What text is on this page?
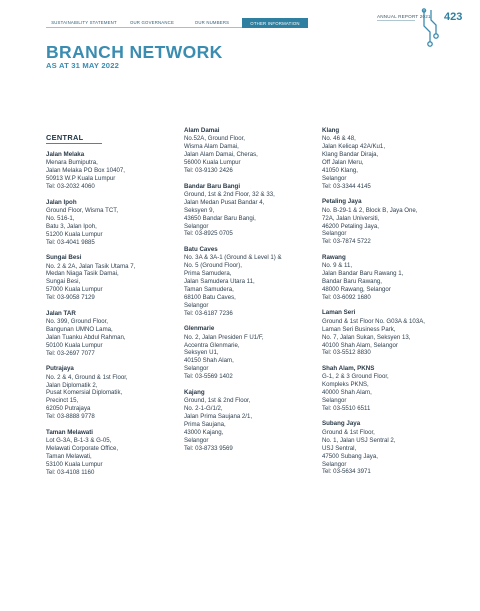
SUSTAINABILITY STATEMENT	OUR GOVERNANCE	OUR NUMBERS	OTHER INFORMATION
ANNUAL REPORT 2021 423
BRANCH NETWORK
AS AT 31 MAY 2022
CENTRAL
Jalan Melaka
Menara Bumiputra,
Jalan Melaka PO Box 10407,
50913 W.P Kuala Lumpur
Tel: 03-2032 4060
Jalan Ipoh
Ground Floor, Wisma TCT,
No. 516-1,
Batu 3, Jalan Ipoh,
51200 Kuala Lumpur
Tel: 03-4041 9885
Sungai Besi
No. 2 & 2A, Jalan Tasik Utama 7,
Medan Niaga Tasik Damai,
Sungai Besi,
57000 Kuala Lumpur
Tel: 03-9058 7129
Jalan TAR
No. 399, Ground Floor,
Bangunan UMNO Lama,
Jalan Tuanku Abdul Rahman,
50100 Kuala Lumpur
Tel: 03-2697 7077
Putrajaya
No. 2 & 4, Ground & 1st Floor,
Jalan Diplomatik 2,
Pusat Komersial Diplomatik,
Precinct 15,
62050 Putrajaya
Tel: 03-8888 9778
Taman Melawati
Lot G-3A, B-1-3 & G-05,
Melawati Corporate Office,
Taman Melawati,
53100 Kuala Lumpur
Tel: 03-4108 1160
Alam Damai
No.52A, Ground Floor,
Wisma Alam Damai,
Jalan Alam Damai, Cheras,
56000 Kuala Lumpur
Tel: 03-9130 2426
Bandar Baru Bangi
Ground, 1st & 2nd Floor, 32 & 33,
Jalan Medan Pusat Bandar 4,
Seksyen 9,
43650 Bandar Baru Bangi,
Selangor
Tel: 03-8925 0705
Batu Caves
No. 3A & 3A-1 (Ground & Level 1) &
No. 5 (Ground Floor),
Prima Samudera,
Jalan Samudera Utara 11,
Taman Samudera,
68100 Batu Caves,
Selangor
Tel: 03-6187 7236
Glenmarie
No. 2, Jalan Presiden F U1/F,
Accentra Glenmarie,
Seksyen U1,
40150 Shah Alam,
Selangor
Tel: 03-5569 1402
Kajang
Ground, 1st & 2nd Floor,
No. 2-1-G/1/2,
Jalan Prima Saujana 2/1,
Prima Saujana,
43000 Kajang,
Selangor
Tel: 03-8733 9569
Klang
No. 46 & 48,
Jalan Kelicap 42A/Ku1,
Klang Bandar Diraja,
Off Jalan Meru,
41050 Klang,
Selangor
Tel: 03-3344 4145
Petaling Jaya
No. B-29-1 & 2, Block B, Jaya One,
72A, Jalan Universiti,
46200 Petaling Jaya,
Selangor
Tel: 03-7874 5722
Rawang
No. 9 & 11,
Jalan Bandar Baru Rawang 1,
Bandar Baru Rawang,
48000 Rawang, Selangor
Tel: 03-6092 1680
Laman Seri
Ground & 1st Floor No. G03A & 103A,
Laman Seri Business Park,
No. 7, Jalan Sukan, Seksyen 13,
40100 Shah Alam, Selangor
Tel: 03-5512 8830
Shah Alam, PKNS
G-1, 2 & 3 Ground Floor,
Kompleks PKNS,
40000 Shah Alam,
Selangor
Tel: 03-5510 6511
Subang Jaya
Ground & 1st Floor,
No. 1, Jalan USJ Sentral 2,
USJ Sentral,
47500 Subang Jaya,
Selangor
Tel: 03-5634 3971
